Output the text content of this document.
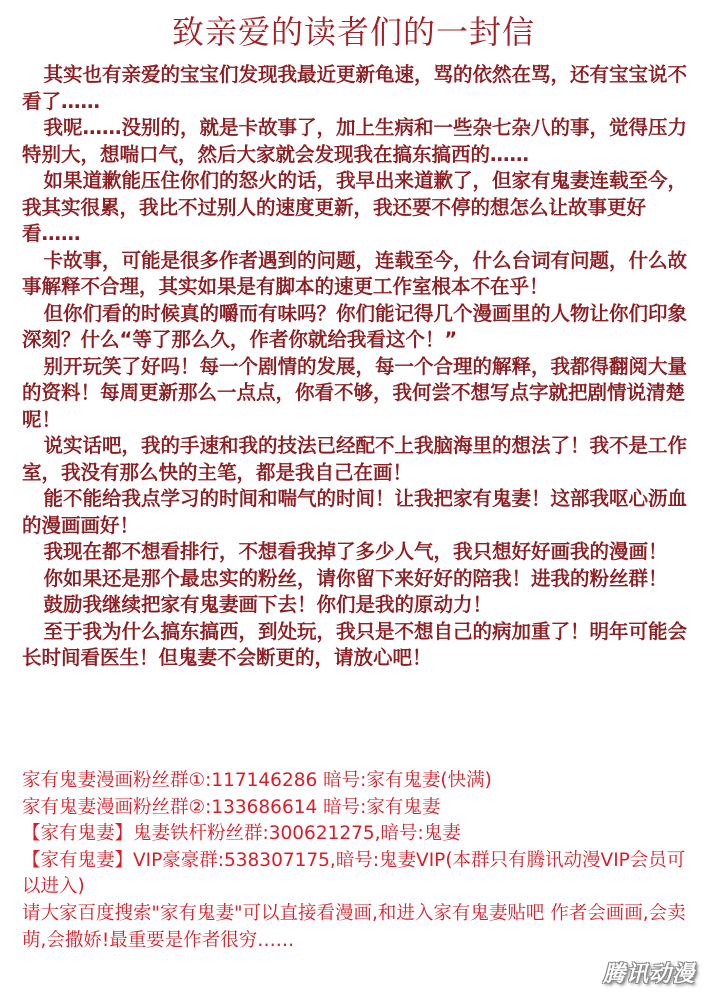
致亲爱的读者们的一封信

其实也有亲爱的宝宝们发现我最近更新龟速，骂的依然在骂，还有宝宝说不看了……

我呢……没别的，就是卡故事了，加上生病和一些杂七杂八的事，觉得压力特别大，想喘口气，然后大家就会发现我在搞东搞西的……

如果道歉能压住你们的怒火的话，我早出来道歉了，但家有鬼妻连载至今，我其实很累，我比不过别人的速度更新，我还要不停的想怎么让故事更好看……

卡故事，可能是很多作者遇到的问题，连载至今，什么台词有问题，什么故事解释不合理，其实如果是有脚本的速更工作室根本不在乎！

但你们看的时候真的嚼而有味吗？你们能记得几个漫画里的人物让你们印象深刻？什么“等了那么久，作者你就给我看这个！”

别开玩笑了好吗！每一个剧情的发展，每一个合理的解释，我都得翻阅大量的资料！每周更新那么一点点，你看不够，我何尝不想写点字就把剧情说清楚呢！

说实话吧，我的手速和我的技法已经配不上我脑海里的想法了！我不是工作室，我没有那么快的主笔，都是我自己在画！

能不能给我点学习的时间和喘气的时间！让我把家有鬼妻！这部我呕心沥血的漫画画好！

我现在都不想看排行，不想看我掉了多少人气，我只想好好画我的漫画！

你如果还是那个最忠实的粉丝，请你留下来好好的陪我！进我的粉丝群！

鼓励我继续把家有鬼妻画下去！你们是我的原动力！

至于我为什么搞东搞西，到处玩，我只是不想自己的病加重了！明年可能会长时间看医生！但鬼妻不会断更的，请放心吧！

家有鬼妻漫画粉丝群①:117146286 暗号:家有鬼妻(快满)

家有鬼妻漫画粉丝群②:133686614 暗号:家有鬼妻

【家有鬼妻】鬼妻铁杆粉丝群:300621275,暗号:鬼妻

【家有鬼妻】VIP豪豪群:538307175,暗号:鬼妻VIP(本群只有腾讯动漫VIP会员可以进入)

请大家百度搜索"家有鬼妻"可以直接看漫画,和进入家有鬼妻贴吧 作者会画画,会卖萌,会撒娇!最重要是作者很穷……

腾讯动漫
